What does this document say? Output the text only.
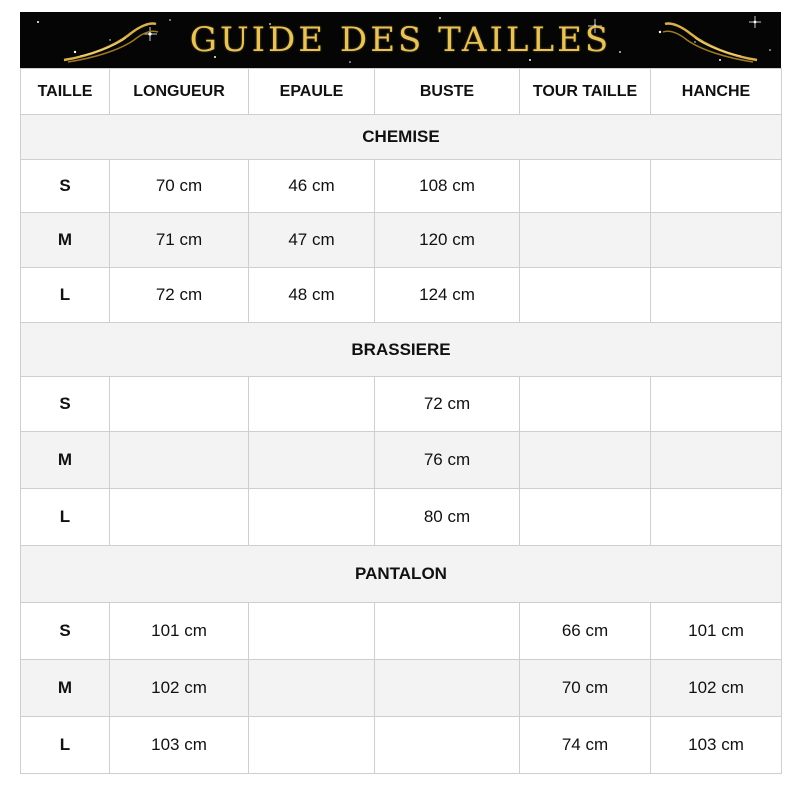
GUIDE DES TAILLES
TAILLE	LONGUEUR	EPAULE	BUSTE	TOUR TAILLE	HANCHE
CHEMISE					
S	70 cm	46 cm	108 cm		
M	71 cm	47 cm	120 cm		
L	72 cm	48 cm	124 cm		
BRASSIERE					
S			72 cm		
M			76 cm		
L			80 cm		
PANTALON					
S	101 cm			66 cm	101 cm
M	102 cm			70 cm	102 cm
L	103 cm			74 cm	103 cm
